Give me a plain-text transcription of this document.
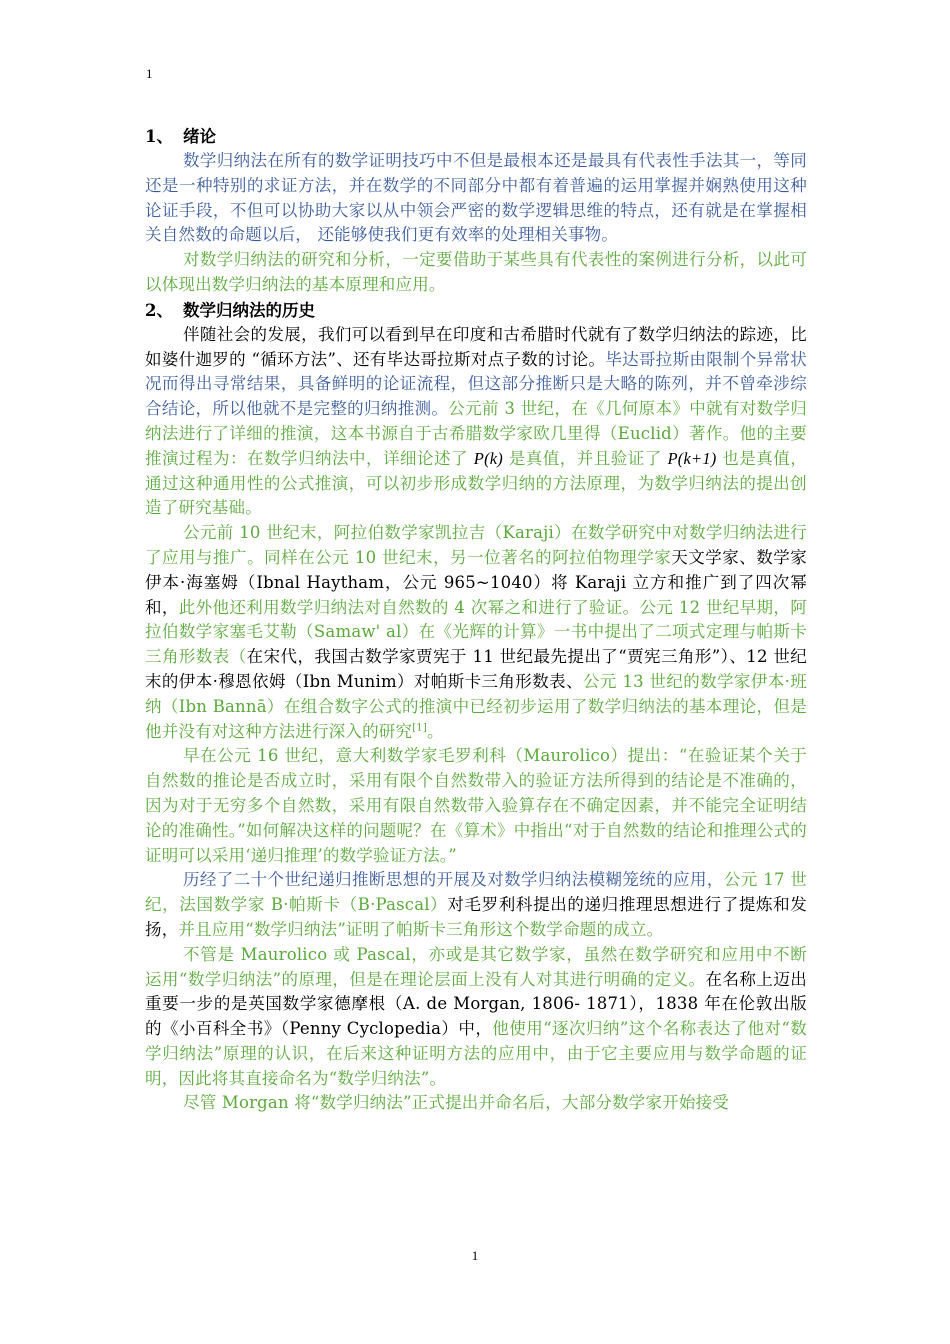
1
1、 绪论

数学归纳法在所有的数学证明技巧中不但是最根本还是最具有代表性手法其一，等同还是一种特别的求证方法，并在数学的不同部分中都有着普遍的运用掌握并娴熟使用这种论证手段，不但可以协助大家以从中领会严密的数学逻辑思维的特点，还有就是在掌握相关自然数的命题以后， 还能够使我们更有效率的处理相关事物。

对数学归纳法的研究和分析，一定要借助于某些具有代表性的案例进行分析，以此可以体现出数学归纳法的基本原理和应用。

2、 数学归纳法的历史

伴随社会的发展，我们可以看到早在印度和古希腊时代就有了数学归纳法的踪迹，比如婆什迦罗的 “循环方法”、还有毕达哥拉斯对点子数的讨论。毕达哥拉斯由限制个异常状况而得出寻常结果，具备鲜明的论证流程，但这部分推断只是大略的陈列，并不曾牵涉综合结论，所以他就不是完整的归纳推测。公元前 3 世纪，在《几何原本》中就有对数学归纳法进行了详细的推演，这本书源自于古希腊数学家欧几里得（Euclid）著作。他的主要推演过程为：在数学归纳法中，详细论述了 P(k) 是真值，并且验证了 P(k+1) 也是真值，通过这种通用性的公式推演，可以初步形成数学归纳的方法原理，为数学归纳法的提出创造了研究基础。

公元前 10 世纪末，阿拉伯数学家凯拉吉（Karaji）在数学研究中对数学归纳法进行了应用与推广。同样在公元 10 世纪末，另一位著名的阿拉伯物理学家天文学家、数学家伊本·海塞姆（Ibnal Haytham，公元 965~1040）将 Karaji 立方和推广到了四次幂和，此外他还利用数学归纳法对自然数的 4 次幂之和进行了验证。公元 12 世纪早期，阿拉伯数学家塞毛艾勒（Samaw' al）在《光辉的计算》一书中提出了二项式定理与帕斯卡三角形数表（在宋代，我国古数学家贾宪于 11 世纪最先提出了“贾宪三角形”）、12 世纪末的伊本·穆恩依姆（Ibn Munim）对帕斯卡三角形数表、公元 13 世纪的数学家伊本·班纳（Ibn Bannā）在组合数字公式的推演中已经初步运用了数学归纳法的基本理论，但是他并没有对这种方法进行深入的研究[1]。

早在公元 16 世纪，意大利数学家毛罗利科（Maurolico）提出：“在验证某个关于自然数的推论是否成立时，采用有限个自然数带入的验证方法所得到的结论是不准确的，因为对于无穷多个自然数，采用有限自然数带入验算存在不确定因素，并不能完全证明结论的准确性。”如何解决这样的问题呢？在《算术》中指出“对于自然数的结论和推理公式的证明可以采用‘递归推理’的数学验证方法。”

历经了二十个世纪递归推断思想的开展及对数学归纳法模糊笼统的应用，公元 17 世纪，法国数学家 B·帕斯卡（B·Pascal）对毛罗利科提出的递归推理思想进行了提炼和发扬，并且应用“数学归纳法”证明了帕斯卡三角形这个数学命题的成立。

不管是 Maurolico 或 Pascal，亦或是其它数学家，虽然在数学研究和应用中不断运用“数学归纳法”的原理，但是在理论层面上没有人对其进行明确的定义。在名称上迈出重要一步的是英国数学家德摩根（A. de Morgan, 1806- 1871），1838 年在伦敦出版的《小百科全书》（Penny Cyclopedia）中，他使用“逐次归纳”这个名称表达了他对“数学归纳法”原理的认识，在后来这种证明方法的应用中，由于它主要应用与数学命题的证明，因此将其直接命名为“数学归纳法”。

尽管 Morgan 将“数学归纳法”正式提出并命名后，大部分数学家开始接受

1
